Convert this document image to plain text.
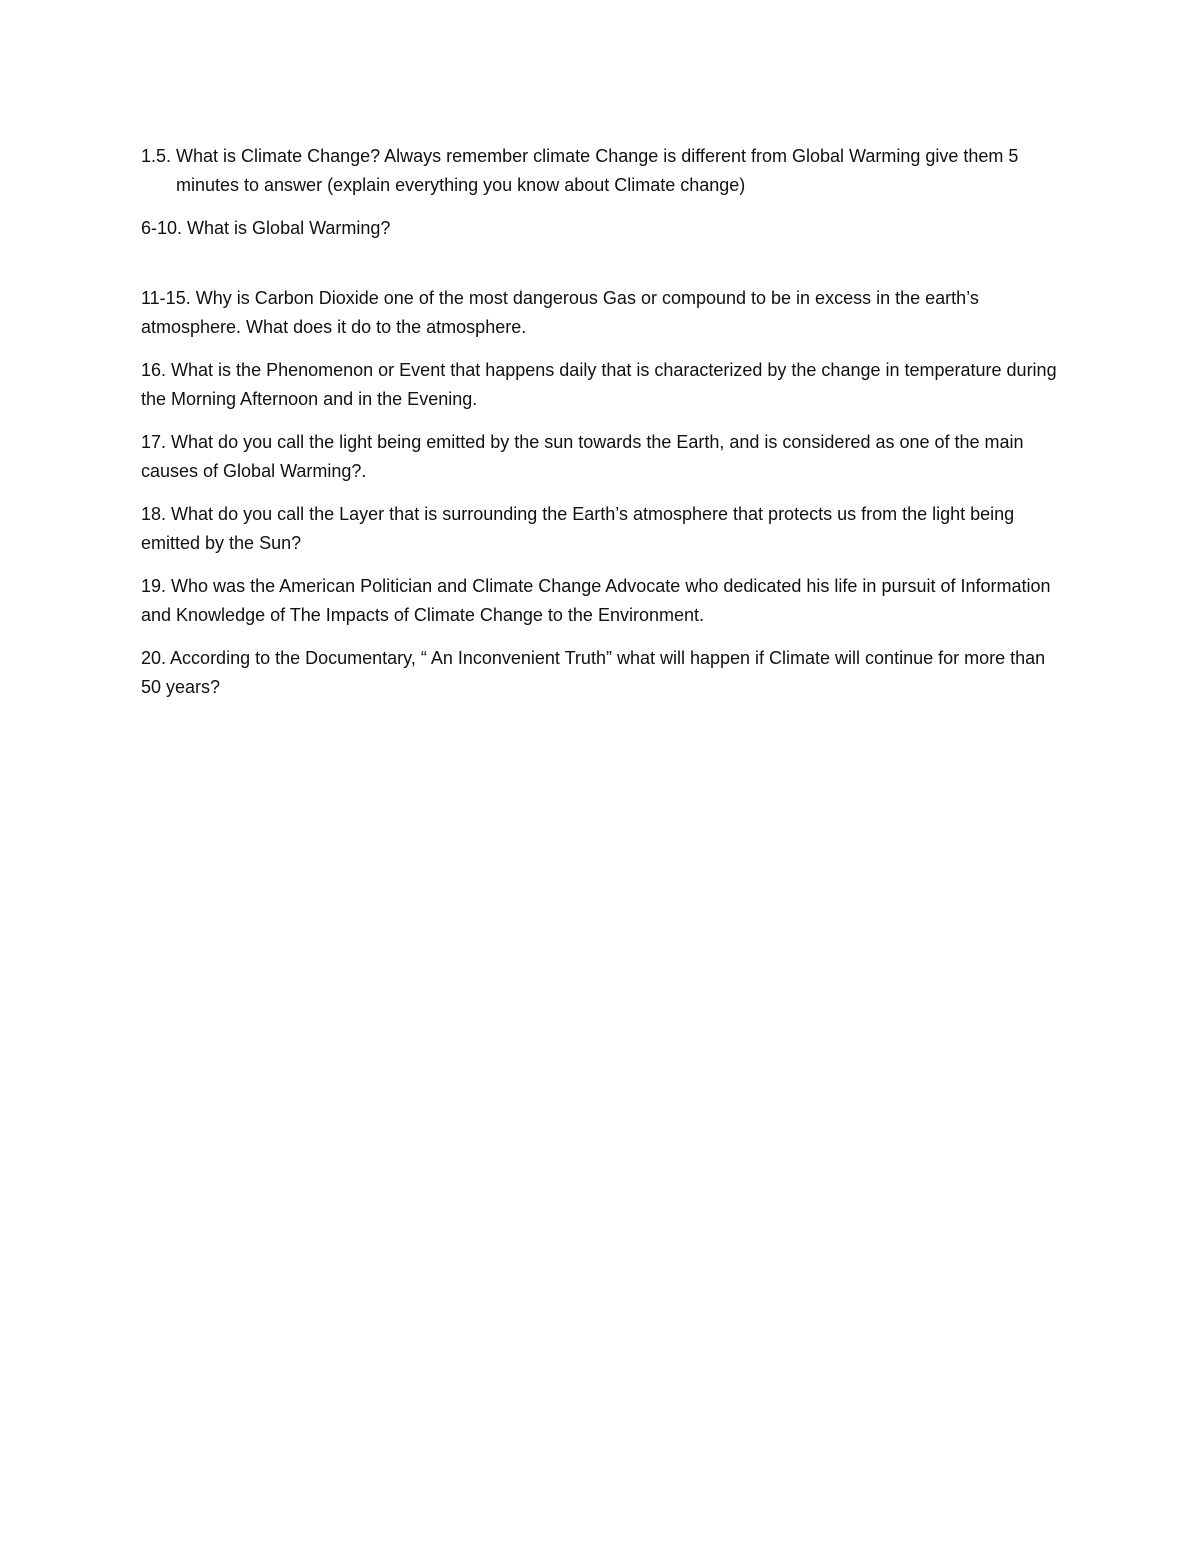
1.5. What is Climate Change? Always remember climate Change is different from Global Warming give them 5 minutes to answer (explain everything you know about Climate change)

6-10. What is Global Warming?

11-15. Why is Carbon Dioxide one of the most dangerous Gas or compound to be in excess in the earth’s atmosphere. What does it do to the atmosphere.

16. What is the Phenomenon or Event that happens daily that is characterized by the change in temperature during the Morning Afternoon and in the Evening.

17. What do you call the light being emitted by the sun towards the Earth, and is considered as one of the main causes of Global Warming?.

18. What do you call the Layer that is surrounding the Earth’s atmosphere that protects us from the light being emitted by the Sun?

19. Who was the American Politician and Climate Change Advocate who dedicated his life in pursuit of Information and Knowledge of The Impacts of Climate Change to the Environment.

20. According to the Documentary, “ An Inconvenient Truth” what will happen if Climate will continue for more than 50 years?
